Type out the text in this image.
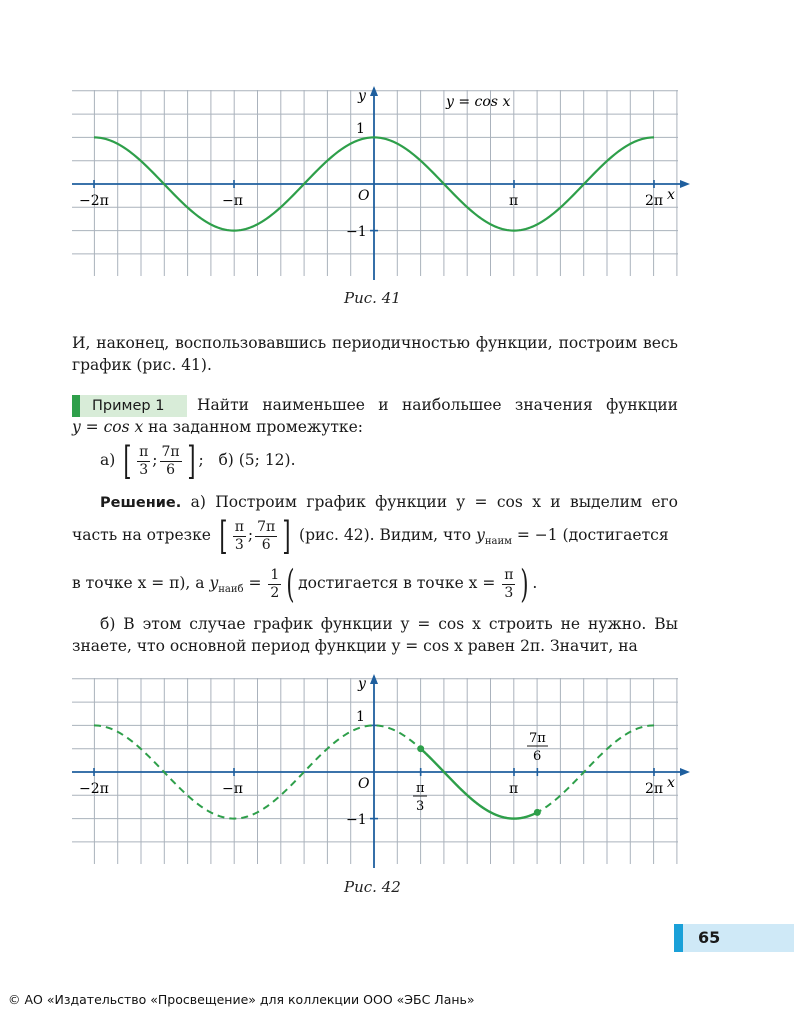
y
x
O
1
−1
−2π	−π	π	2π
y = cos x
Рис. 41
И, наконец, воспользовавшись периодичностью функции, построим весь график (рис. 41).
Пример 1	Найти наименьшее и наибольшее значения функции
y = cos x на заданном промежутке:
а) [ $\frac{\pi}{3}$ ; $\frac{7\pi}{6}$ ] ;   б) (5; 12).
Решение. а) Построим график функции y = cos x и выделим его
часть на отрезке [ $\frac{\pi}{3}$ ; $\frac{7\pi}{6}$ ] (рис. 42). Видим, что $y_{наим} = -1$ (достигается
в точке x = π), а $y_{наиб} = \frac{1}{2}$ ( достигается в точке $x = \frac{\pi}{3}$ ) .
б) В этом случае график функции y = cos x строить не нужно. Вы знаете, что основной период функции y = cos x равен 2π. Значит, на
y
x
O
1
−1
−2π	−π	π	2π
π
3
7π
6
Рис. 42
65
© АО «Издательство «Просвещение» для коллекции ООО «ЭБС Лань»
